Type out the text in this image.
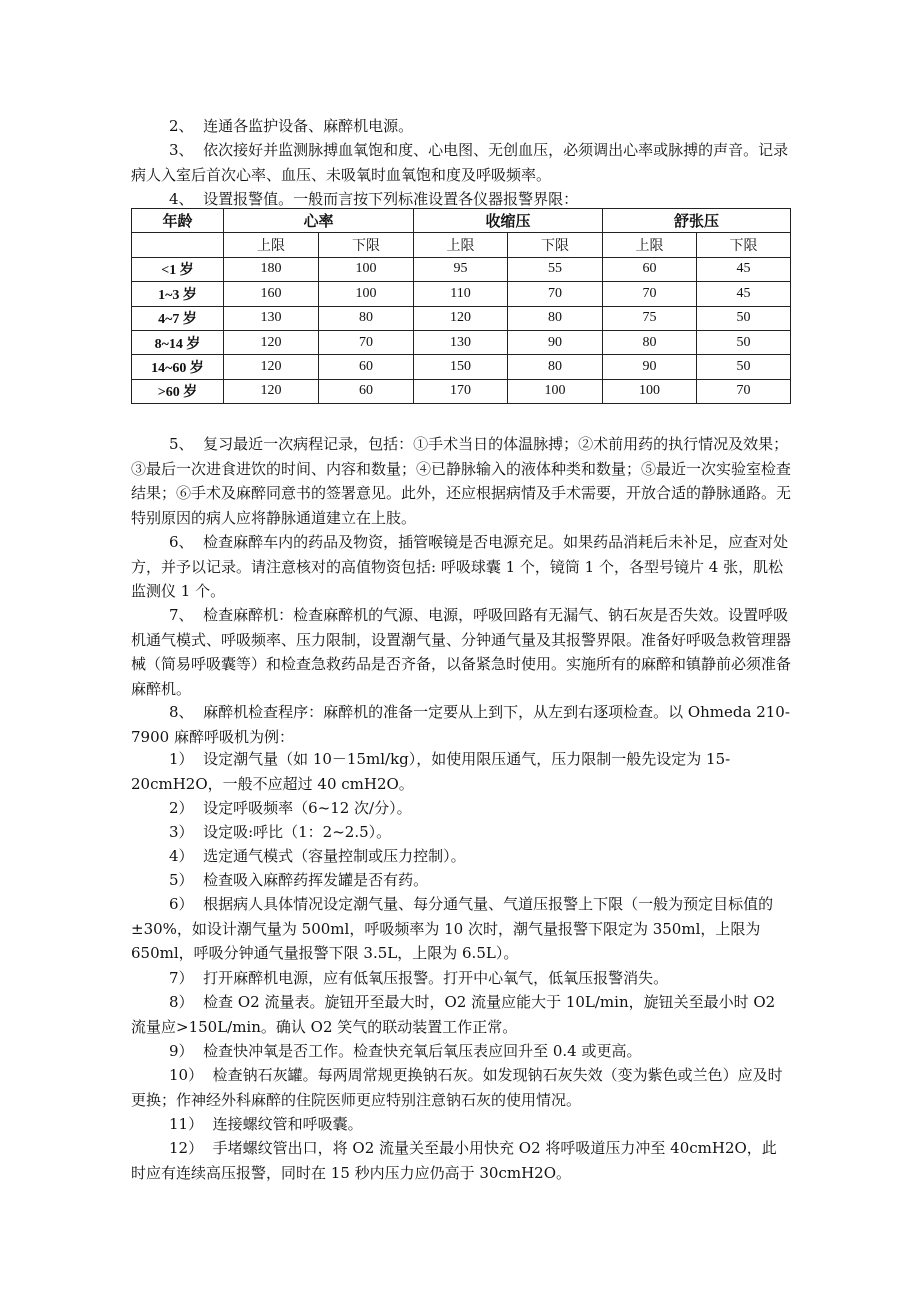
2、  连通各监护设备、麻醉机电源。

3、  依次接好并监测脉搏血氧饱和度、心电图、无创血压，必须调出心率或脉搏的声音。记录病人入室后首次心率、血压、未吸氧时血氧饱和度及呼吸频率。

4、  设置报警值。一般而言按下列标准设置各仪器报警界限：

年龄	心率		收缩压		舒张压	
	上限	下限	上限	下限	上限	下限
<1 岁	180	100	95	55	60	45
1~3 岁	160	100	110	70	70	45
4~7 岁	130	80	120	80	75	50
8~14 岁	120	70	130	90	80	50
14~60 岁	120	60	150	80	90	50
>60 岁	120	60	170	100	100	70

5、  复习最近一次病程记录，包括：①手术当日的体温脉搏；②术前用药的执行情况及效果；③最后一次进食进饮的时间、内容和数量；④已静脉输入的液体种类和数量；⑤最近一次实验室检查结果；⑥手术及麻醉同意书的签署意见。此外，还应根据病情及手术需要，开放合适的静脉通路。无特别原因的病人应将静脉通道建立在上肢。

6、  检查麻醉车内的药品及物资，插管喉镜是否电源充足。如果药品消耗后未补足，应查对处方，并予以记录。请注意核对的高值物资包括: 呼吸球囊 1 个，镜筒 1 个，各型号镜片 4 张，肌松监测仪 1 个。

7、  检查麻醉机：检查麻醉机的气源、电源，呼吸回路有无漏气、钠石灰是否失效。设置呼吸机通气模式、呼吸频率、压力限制，设置潮气量、分钟通气量及其报警界限。准备好呼吸急救管理器械（简易呼吸囊等）和检查急救药品是否齐备，以备紧急时使用。实施所有的麻醉和镇静前必须准备麻醉机。

8、  麻醉机检查程序：麻醉机的准备一定要从上到下，从左到右逐项检查。以 Ohmeda 210-7900 麻醉呼吸机为例：

1）  设定潮气量（如 10－15ml/kg），如使用限压通气，压力限制一般先设定为 15-20cmH2O，一般不应超过 40 cmH2O。

2）  设定呼吸频率（6~12 次/分）。

3）  设定吸:呼比（1：2~2.5）。

4）  选定通气模式（容量控制或压力控制）。

5）  检查吸入麻醉药挥发罐是否有药。

6）  根据病人具体情况设定潮气量、每分通气量、气道压报警上下限（一般为预定目标值的±30%，如设计潮气量为 500ml，呼吸频率为 10 次时，潮气量报警下限定为 350ml，上限为 650ml，呼吸分钟通气量报警下限 3.5L，上限为 6.5L）。

7）  打开麻醉机电源，应有低氧压报警。打开中心氧气，低氧压报警消失。

8）  检查 O2 流量表。旋钮开至最大时，O2 流量应能大于 10L/min，旋钮关至最小时 O2 流量应>150L/min。确认 O2 笑气的联动装置工作正常。

9）  检查快冲氧是否工作。检查快充氧后氧压表应回升至 0.4 或更高。

10）  检查钠石灰罐。每两周常规更换钠石灰。如发现钠石灰失效（变为紫色或兰色）应及时更换；作神经外科麻醉的住院医师更应特别注意钠石灰的使用情况。

11）  连接螺纹管和呼吸囊。

12）  手堵螺纹管出口，将 O2 流量关至最小用快充 O2 将呼吸道压力冲至 40cmH2O，此时应有连续高压报警，同时在 15 秒内压力应仍高于 30cmH2O。
